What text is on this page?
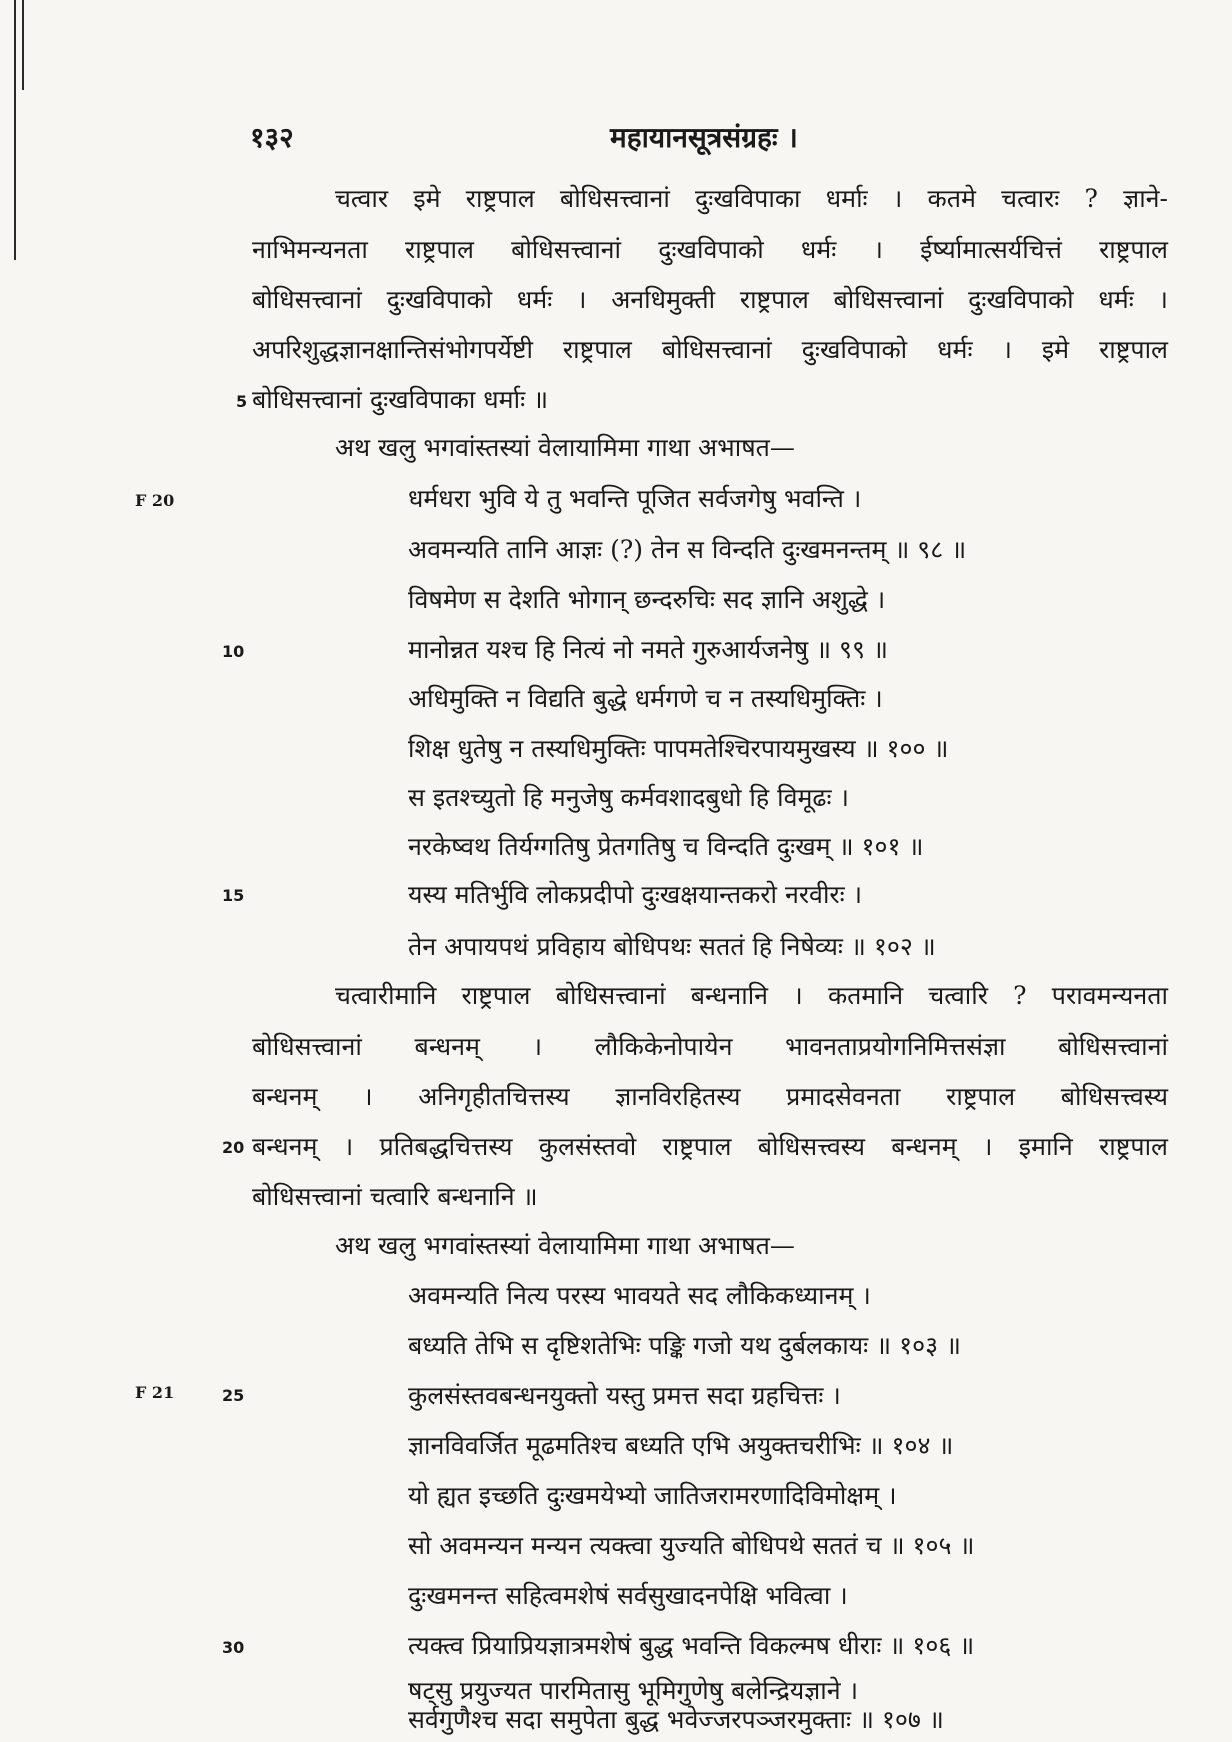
१३२	महायानसूत्रसंग्रहः ।
चत्वार इमे राष्ट्रपाल बोधिसत्त्वानां दुःखविपाका धर्माः । कतमे चत्वारः ? ज्ञाने-
नाभिमन्यनता राष्ट्रपाल बोधिसत्त्वानां दुःखविपाको धर्मः । ईर्ष्यामात्सर्यचित्तं राष्ट्रपाल
बोधिसत्त्वानां दुःखविपाको धर्मः । अनधिमुक्ती राष्ट्रपाल बोधिसत्त्वानां दुःखविपाको धर्मः ।
अपरिशुद्धज्ञानक्षान्तिसंभोगपर्येष्टी राष्ट्रपाल बोधिसत्त्वानां दुःखविपाको धर्मः । इमे राष्ट्रपाल
बोधिसत्त्वानां दुःखविपाका धर्माः ॥
अथ खलु भगवांस्तस्यां वेलायामिमा गाथा अभाषत—
धर्मधरा भुवि ये तु भवन्ति पूजित सर्वजगेषु भवन्ति ।
अवमन्यति तानि आज्ञः (?) तेन स विन्दति दुःखमनन्तम् ॥ ९८ ॥
विषमेण स देशति भोगान् छन्दरुचिः सद ज्ञानि अशुद्धे ।
मानोन्नत यश्च हि नित्यं नो नमते गुरुआर्यजनेषु ॥ ९९ ॥
अधिमुक्ति न विद्यति बुद्धे धर्मगणे च न तस्यधिमुक्तिः ।
शिक्ष धुतेषु न तस्यधिमुक्तिः पापमतेश्चिरपायमुखस्य ॥ १०० ॥
स इतश्च्युतो हि मनुजेषु कर्मवशादबुधो हि विमूढः ।
नरकेष्वथ तिर्यग्गतिषु प्रेतगतिषु च विन्दति दुःखम् ॥ १०१ ॥
यस्य मतिर्भुवि लोकप्रदीपो दुःखक्षयान्तकरो नरवीरः ।
तेन अपायपथं प्रविहाय बोधिपथः सततं हि निषेव्यः ॥ १०२ ॥
चत्वारीमानि राष्ट्रपाल बोधिसत्त्वानां बन्धनानि । कतमानि चत्वारि ? परावमन्यनता
बोधिसत्त्वानां बन्धनम् । लौकिकेनोपायेन भावनताप्रयोगनिमित्तसंज्ञा बोधिसत्त्वानां
बन्धनम् । अनिगृहीतचित्तस्य ज्ञानविरहितस्य प्रमादसेवनता राष्ट्रपाल बोधिसत्त्वस्य
बन्धनम् । प्रतिबद्धचित्तस्य कुलसंस्तवो राष्ट्रपाल बोधिसत्त्वस्य बन्धनम् । इमानि राष्ट्रपाल
बोधिसत्त्वानां चत्वारि बन्धनानि ॥
अथ खलु भगवांस्तस्यां वेलायामिमा गाथा अभाषत—
अवमन्यति नित्य परस्य भावयते सद लौकिकध्यानम् ।
बध्यति तेभि स दृष्टिशतेभिः पङ्कि गजो यथ दुर्बलकायः ॥ १०३ ॥
कुलसंस्तवबन्धनयुक्तो यस्तु प्रमत्त सदा ग्रहचित्तः ।
ज्ञानविवर्जित मूढमतिश्च बध्यति एभि अयुक्तचरीभिः ॥ १०४ ॥
यो ह्यत इच्छति दुःखमयेभ्यो जातिजरामरणादिविमोक्षम् ।
सो अवमन्यन मन्यन त्यक्त्वा युज्यति बोधिपथे सततं च ॥ १०५ ॥
दुःखमनन्त सहित्वमशेषं सर्वसुखादनपेक्षि भवित्वा ।
त्यक्त्व प्रियाप्रियज्ञात्रमशेषं बुद्ध भवन्ति विकल्मष धीराः ॥ १०६ ॥
षट्सु प्रयुज्यत पारमितासु भूमिगुणेषु बलेन्द्रियज्ञाने ।
सर्वगुणैश्च सदा समुपेता बुद्ध भवेज्जरपञ्जरमुक्ताः ॥ १०७ ॥
5
10
15
20
25
30
F 20
F 21
